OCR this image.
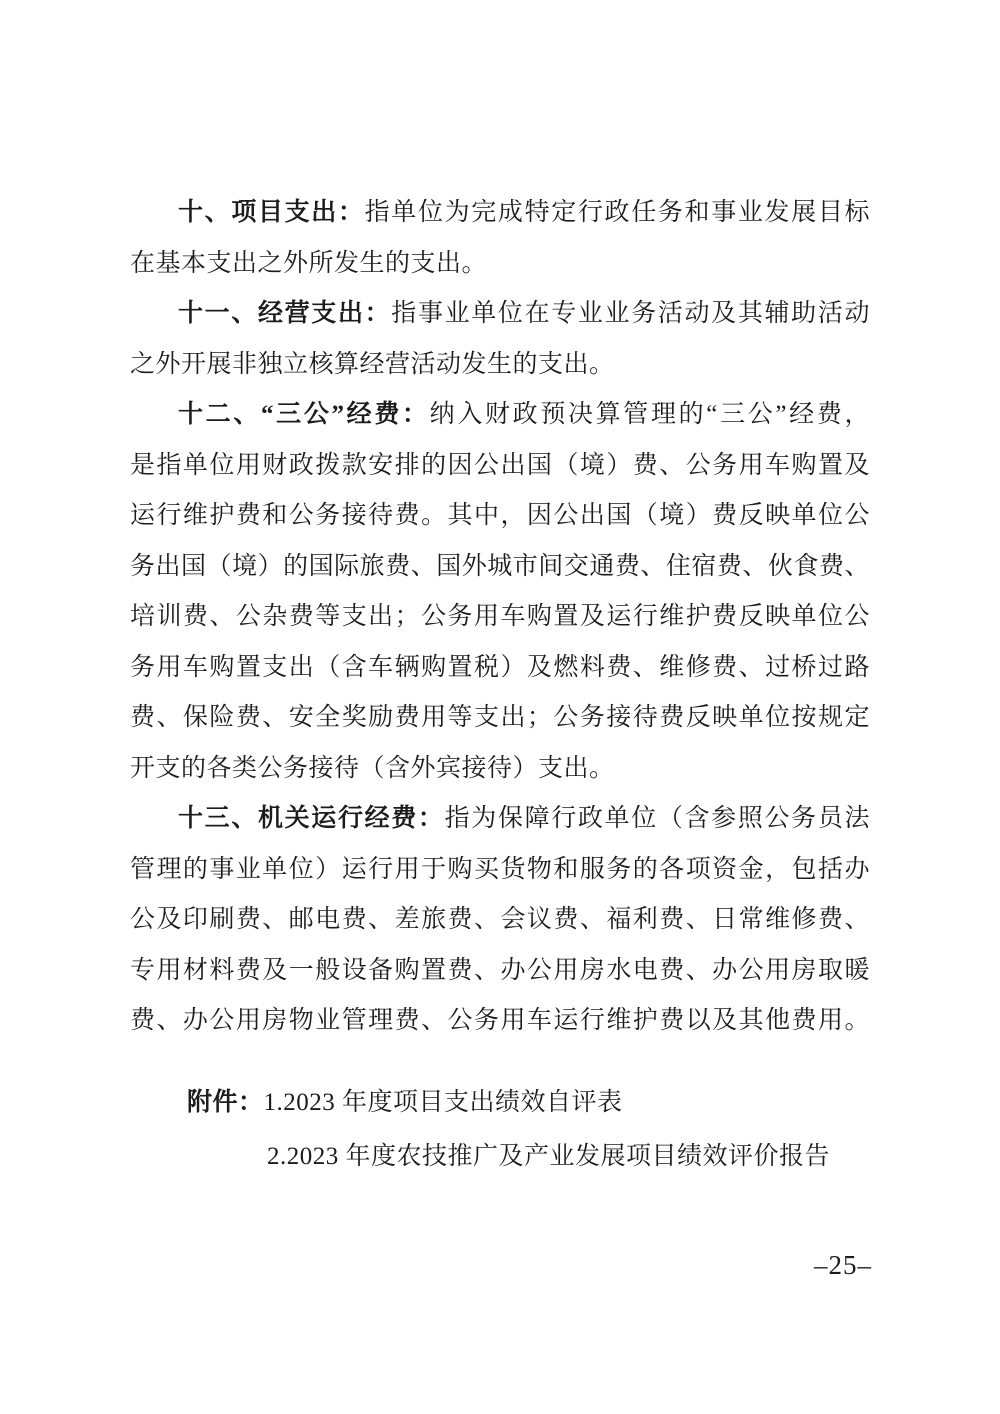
十、项目支出：指单位为完成特定行政任务和事业发展目标
在基本支出之外所发生的支出。
十一、经营支出：指事业单位在专业业务活动及其辅助活动
之外开展非独立核算经营活动发生的支出。
十二、“三公”经费：纳入财政预决算管理的“三公”经费，
是指单位用财政拨款安排的因公出国（境）费、公务用车购置及
运行维护费和公务接待费。其中，因公出国（境）费反映单位公
务出国（境）的国际旅费、国外城市间交通费、住宿费、伙食费、
培训费、公杂费等支出；公务用车购置及运行维护费反映单位公
务用车购置支出（含车辆购置税）及燃料费、维修费、过桥过路
费、保险费、安全奖励费用等支出；公务接待费反映单位按规定
开支的各类公务接待（含外宾接待）支出。
十三、机关运行经费：指为保障行政单位（含参照公务员法
管理的事业单位）运行用于购买货物和服务的各项资金，包括办
公及印刷费、邮电费、差旅费、会议费、福利费、日常维修费、
专用材料费及一般设备购置费、办公用房水电费、办公用房取暖
费、办公用房物业管理费、公务用车运行维护费以及其他费用。
附件：1.2023 年度项目支出绩效自评表
2.2023 年度农技推广及产业发展项目绩效评价报告
–25–
